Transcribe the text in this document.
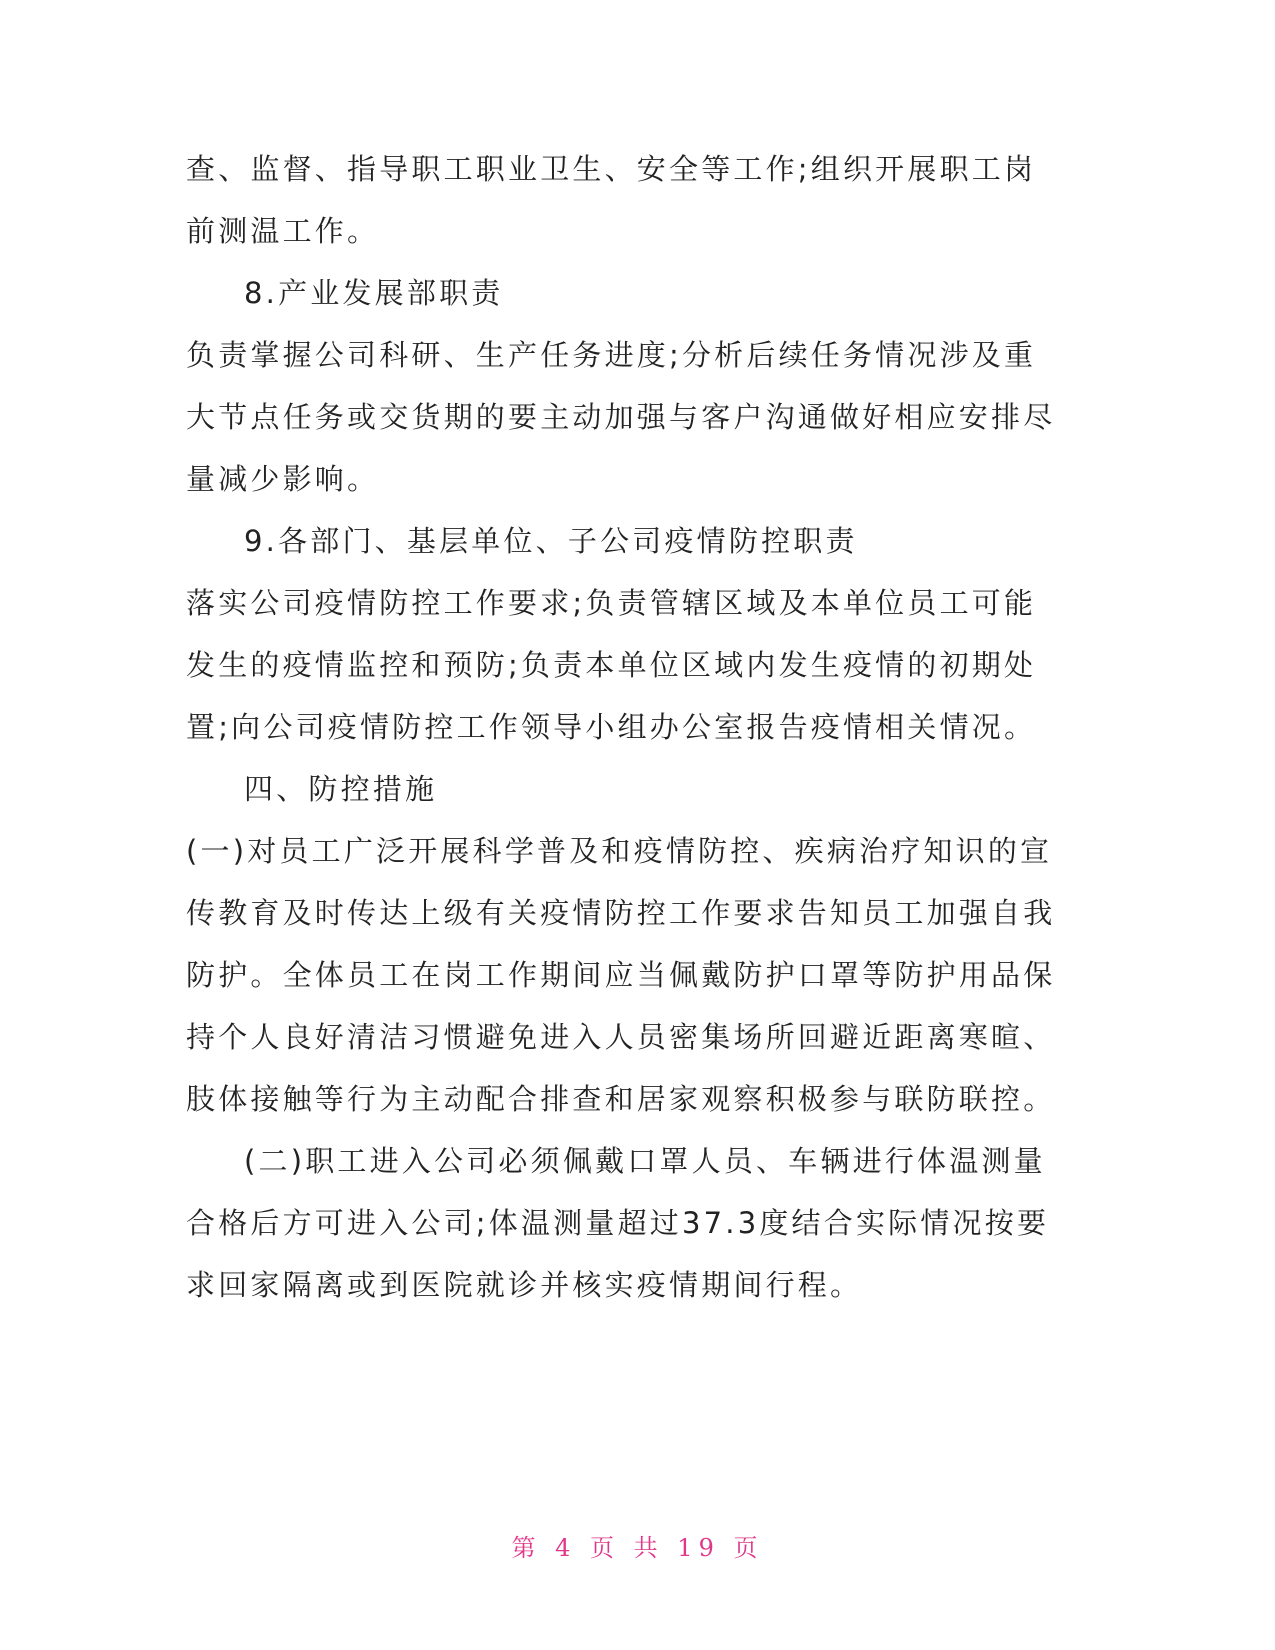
查、监督、指导职工职业卫生、安全等工作;组织开展职工岗
前测温工作。
8.产业发展部职责
负责掌握公司科研、生产任务进度;分析后续任务情况涉及重
大节点任务或交货期的要主动加强与客户沟通做好相应安排尽
量减少影响。
9.各部门、基层单位、子公司疫情防控职责
落实公司疫情防控工作要求;负责管辖区域及本单位员工可能
发生的疫情监控和预防;负责本单位区域内发生疫情的初期处
置;向公司疫情防控工作领导小组办公室报告疫情相关情况。
四、防控措施
(一)对员工广泛开展科学普及和疫情防控、疾病治疗知识的宣
传教育及时传达上级有关疫情防控工作要求告知员工加强自我
防护。全体员工在岗工作期间应当佩戴防护口罩等防护用品保
持个人良好清洁习惯避免进入人员密集场所回避近距离寒暄、
肢体接触等行为主动配合排查和居家观察积极参与联防联控。
(二)职工进入公司必须佩戴口罩人员、车辆进行体温测量
合格后方可进入公司;体温测量超过37.3度结合实际情况按要
求回家隔离或到医院就诊并核实疫情期间行程。
第 4 页 共 19 页
